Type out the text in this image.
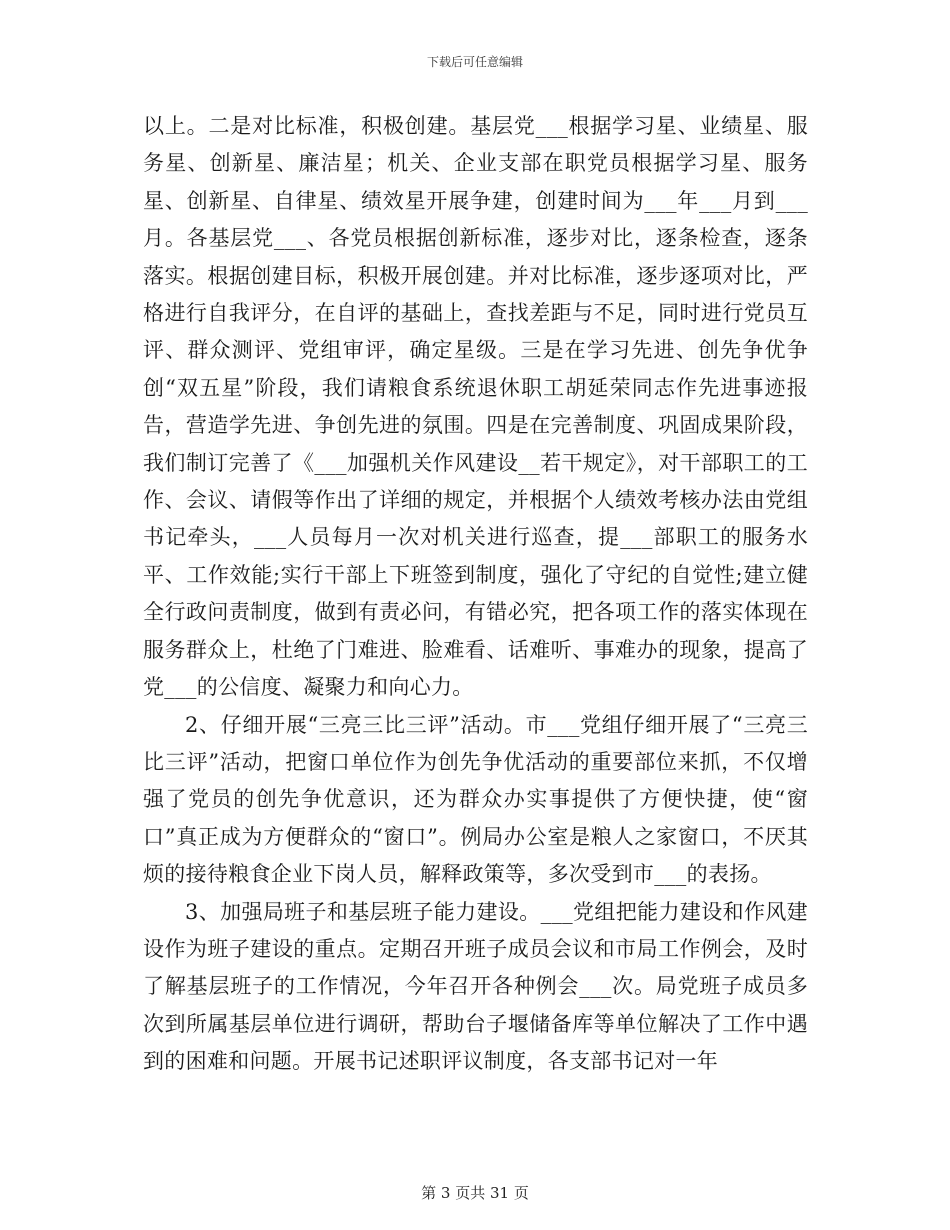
下载后可任意编辑

以上。二是对比标准，积极创建。基层党___根据学习星、业绩星、服务星、创新星、廉洁星；机关、企业支部在职党员根据学习星、服务星、创新星、自律星、绩效星开展争建，创建时间为___年___月到___月。各基层党___、各党员根据创新标准，逐步对比，逐条检查，逐条落实。根据创建目标，积极开展创建。并对比标准，逐步逐项对比，严格进行自我评分，在自评的基础上，查找差距与不足，同时进行党员互评、群众测评、党组审评，确定星级。三是在学习先进、创先争优争创“双五星”阶段，我们请粮食系统退休职工胡延荣同志作先进事迹报告，营造学先进、争创先进的氛围。四是在完善制度、巩固成果阶段，我们制订完善了《___加强机关作风建设__若干规定》，对干部职工的工作、会议、请假等作出了详细的规定，并根据个人绩效考核办法由党组书记牵头，___人员每月一次对机关进行巡查，提___部职工的服务水平、工作效能;实行干部上下班签到制度，强化了守纪的自觉性;建立健全行政问责制度，做到有责必问，有错必究，把各项工作的落实体现在服务群众上，杜绝了门难进、脸难看、话难听、事难办的现象，提高了党___的公信度、凝聚力和向心力。

2、仔细开展“三亮三比三评”活动。市___党组仔细开展了“三亮三比三评”活动，把窗口单位作为创先争优活动的重要部位来抓，不仅增强了党员的创先争优意识，还为群众办实事提供了方便快捷，使“窗口”真正成为方便群众的“窗口”。例局办公室是粮人之家窗口，不厌其烦的接待粮食企业下岗人员，解释政策等，多次受到市___的表扬。

3、加强局班子和基层班子能力建设。___党组把能力建设和作风建设作为班子建设的重点。定期召开班子成员会议和市局工作例会，及时了解基层班子的工作情况，今年召开各种例会___次。局党班子成员多次到所属基层单位进行调研，帮助台子堰储备库等单位解决了工作中遇到的困难和问题。开展书记述职评议制度，各支部书记对一年

第 3 页共 31 页
